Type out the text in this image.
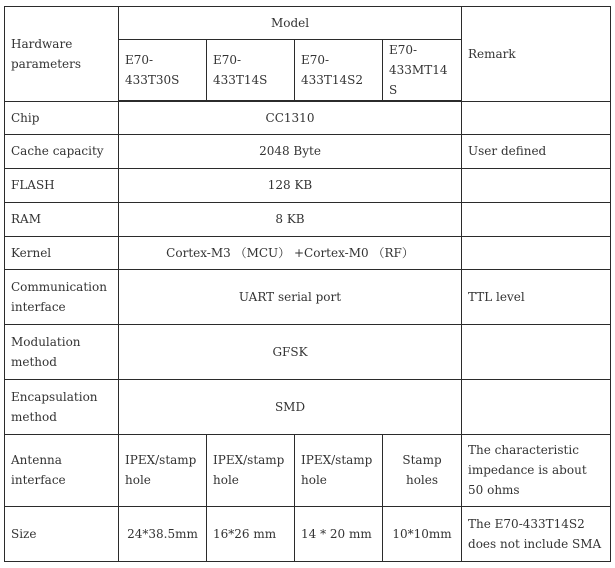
Hardware parameters	Model				Remark
	E70-433T30S	E70-433T14S	E70-433T14S2	E70-433MT14S	
Chip	CC1310				
Cache capacity	2048 Byte				User defined
FLASH	128 KB				
RAM	8 KB				
Kernel	Cortex-M3 （MCU） +Cortex-M0 （RF）				
Communication interface	UART serial port				TTL level
Modulation method	GFSK				
Encapsulation method	SMD				
Antenna interface	IPEX/stamp hole	IPEX/stamp hole	IPEX/stamp hole	Stamp holes	The characteristic impedance is about 50 ohms
Size	24*38.5mm	16*26 mm	14 * 20 mm	10*10mm	The E70-433T14S2 does not include SMA
